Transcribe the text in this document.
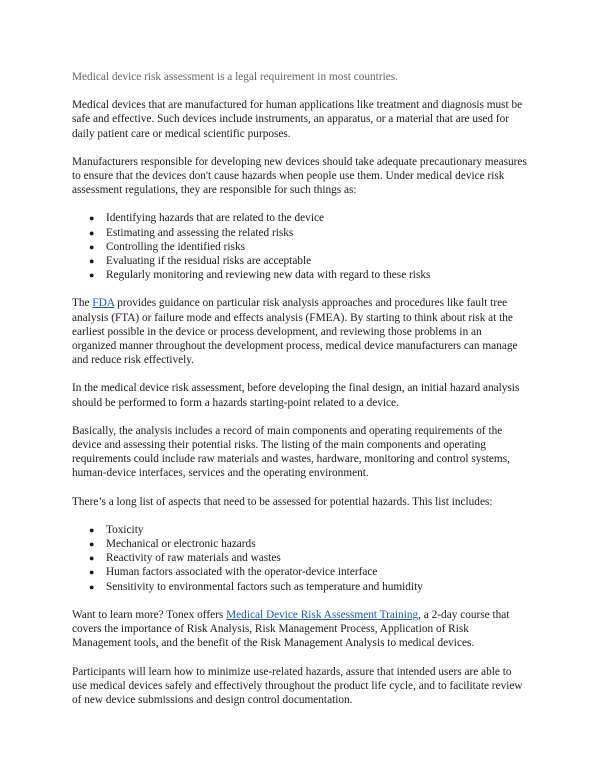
Medical device risk assessment is a legal requirement in most countries.

Medical devices that are manufactured for human applications like treatment and diagnosis must be safe and effective. Such devices include instruments, an apparatus, or a material that are used for daily patient care or medical scientific purposes.

Manufacturers responsible for developing new devices should take adequate precautionary measures to ensure that the devices don't cause hazards when people use them. Under medical device risk assessment regulations, they are responsible for such things as:

● Identifying hazards that are related to the device
● Estimating and assessing the related risks
● Controlling the identified risks
● Evaluating if the residual risks are acceptable
● Regularly monitoring and reviewing new data with regard to these risks

The FDA provides guidance on particular risk analysis approaches and procedures like fault tree analysis (FTA) or failure mode and effects analysis (FMEA). By starting to think about risk at the earliest possible in the device or process development, and reviewing those problems in an organized manner throughout the development process, medical device manufacturers can manage and reduce risk effectively.

In the medical device risk assessment, before developing the final design, an initial hazard analysis should be performed to form a hazards starting-point related to a device.

Basically, the analysis includes a record of main components and operating requirements of the device and assessing their potential risks. The listing of the main components and operating requirements could include raw materials and wastes, hardware, monitoring and control systems, human-device interfaces, services and the operating environment.

There’s a long list of aspects that need to be assessed for potential hazards. This list includes:

● Toxicity
● Mechanical or electronic hazards
● Reactivity of raw materials and wastes
● Human factors associated with the operator-device interface
● Sensitivity to environmental factors such as temperature and humidity

Want to learn more? Tonex offers Medical Device Risk Assessment Training, a 2-day course that covers the importance of Risk Analysis, Risk Management Process, Application of Risk Management tools, and the benefit of the Risk Management Analysis to medical devices.

Participants will learn how to minimize use-related hazards, assure that intended users are able to use medical devices safely and effectively throughout the product life cycle, and to facilitate review of new device submissions and design control documentation.
